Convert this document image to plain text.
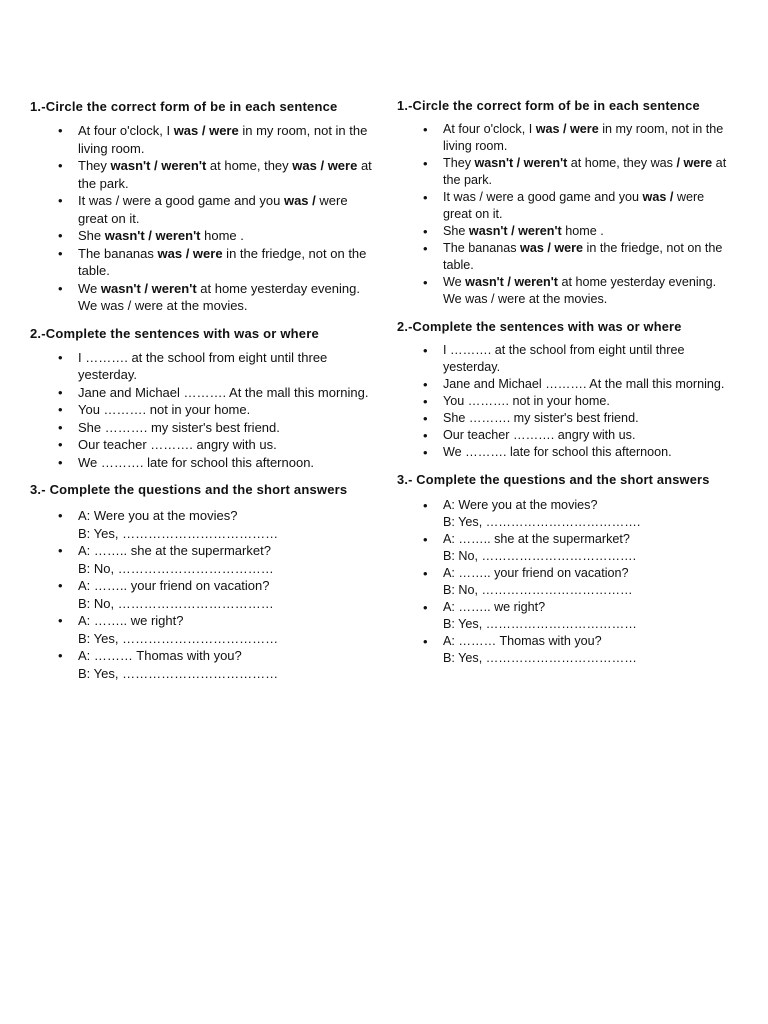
1.-Circle the correct form of be in each sentence
• At four o'clock, I was / were in my room, not in the living room.
• They wasn't / weren't at home, they was / were at the park.
• It was / were a good game and you was / were great on it.
• She wasn't / weren't home .
• The bananas was / were in the friedge, not on the table.
• We wasn't / weren't at home yesterday evening. We was / were at the movies.
2.-Complete the sentences with was or where
• I ………. at the school from eight until three yesterday.
• Jane and Michael ………. At the mall this morning.
• You ………. not in your home.
• She ………. my sister's best friend.
• Our teacher ………. angry with us.
• We ………. late for school this afternoon.
3.- Complete the questions and the short answers
• A: Were you at the movies?
B: Yes, ………………………………
• A: …….. she at the supermarket?
B: No, ………………………………
• A: …….. your friend on vacation?
B: No, ………………………………
• A: …….. we right?
B: Yes, ………………………………
• A: ……… Thomas with you?
B: Yes, ………………………………
1.-Circle the correct form of be in each sentence
• At four o'clock, I was / were in my room, not in the living room.
• They wasn't / weren't at home, they was / were at the park.
• It was / were a good game and you was / were great on it.
• She wasn't / weren't home .
• The bananas was / were in the friedge, not on the table.
• We wasn't / weren't at home yesterday evening. We was / were at the movies.
2.-Complete the sentences with was or where
• I ………. at the school from eight until three yesterday.
• Jane and Michael ………. At the mall this morning.
• You ………. not in your home.
• She ………. my sister's best friend.
• Our teacher ………. angry with us.
• We ………. late for school this afternoon.
3.- Complete the questions and the short answers
• A: Were you at the movies?
B: Yes, ……………………………….
• A: …….. she at the supermarket?
B: No, ……………………………….
• A: …….. your friend on vacation?
B: No, ………………………………
• A: …….. we right?
B: Yes, ………………………………
• A: ……… Thomas with you?
B: Yes, ………………………………
